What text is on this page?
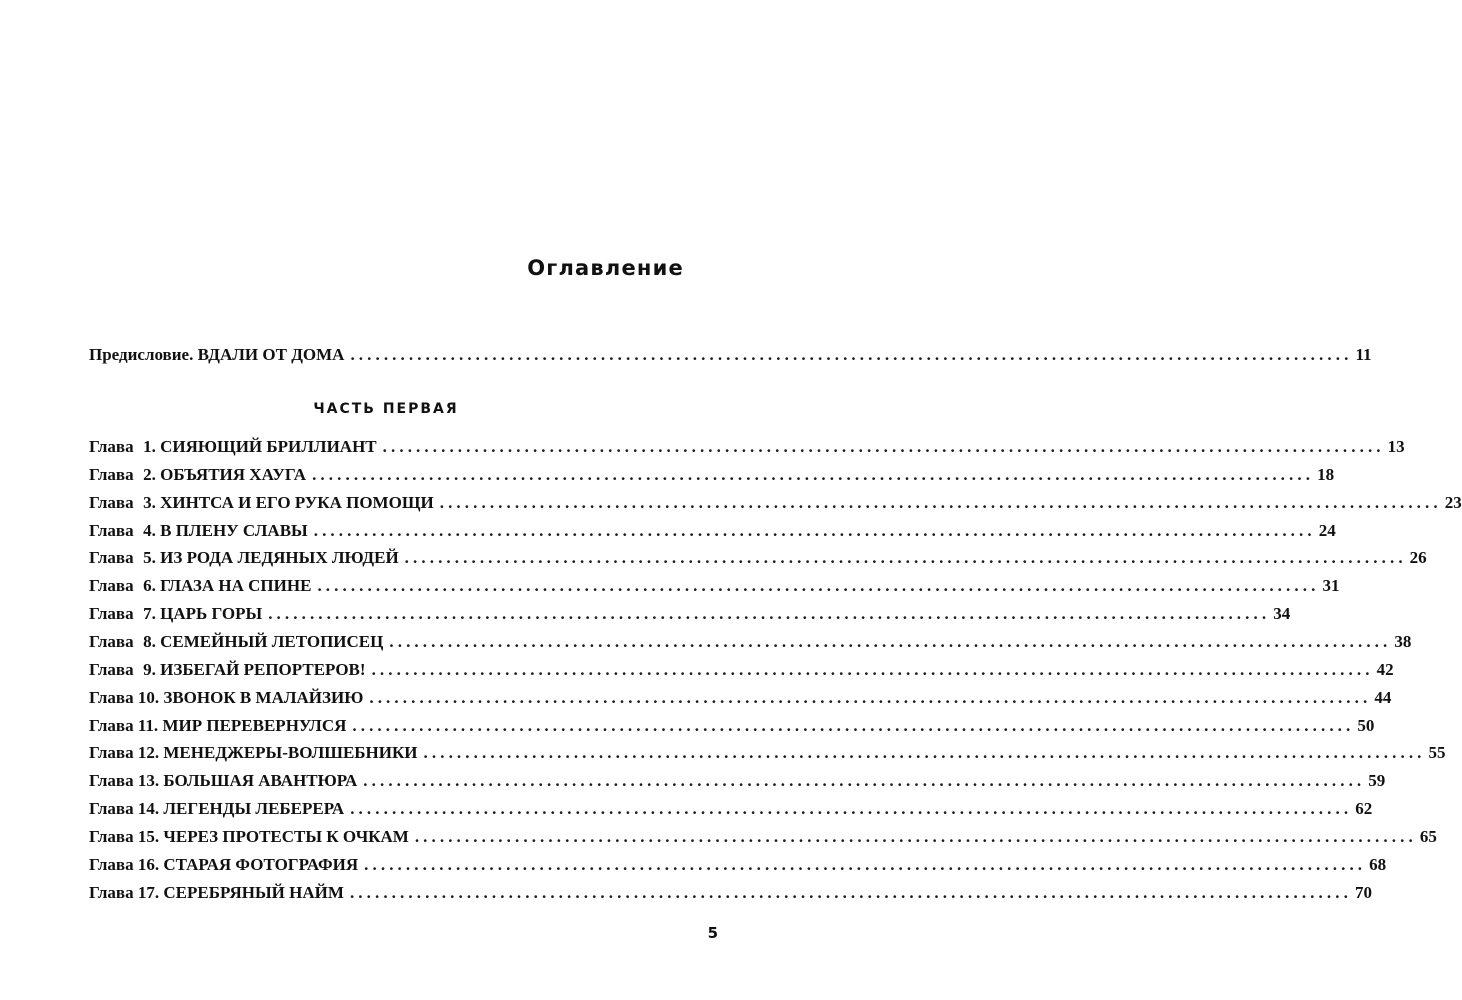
Оглавление
Предисловие. ВДАЛИ ОТ ДОМА ........................................................................................................................ 11
ЧАСТЬ ПЕРВАЯ
Глава 1. СИЯЮЩИЙ БРИЛЛИАНТ ........................................................................................................................ 13
Глава 2. ОБЪЯТИЯ ХАУГА ........................................................................................................................ 18
Глава 3. ХИНТСА И ЕГО РУКА ПОМОЩИ ........................................................................................................................ 23
Глава 4. В ПЛЕНУ СЛАВЫ ........................................................................................................................ 24
Глава 5. ИЗ РОДА ЛЕДЯНЫХ ЛЮДЕЙ ........................................................................................................................ 26
Глава 6. ГЛАЗА НА СПИНЕ ........................................................................................................................ 31
Глава 7. ЦАРЬ ГОРЫ ........................................................................................................................ 34
Глава 8. СЕМЕЙНЫЙ ЛЕТОПИСЕЦ ........................................................................................................................ 38
Глава 9. ИЗБЕГАЙ РЕПОРТЕРОВ! ........................................................................................................................ 42
Глава 10. ЗВОНОК В МАЛАЙЗИЮ ........................................................................................................................ 44
Глава 11. МИР ПЕРЕВЕРНУЛСЯ ........................................................................................................................ 50
Глава 12. МЕНЕДЖЕРЫ-ВОЛШЕБНИКИ ........................................................................................................................ 55
Глава 13. БОЛЬШАЯ АВАНТЮРА ........................................................................................................................ 59
Глава 14. ЛЕГЕНДЫ ЛЕБЕРЕРА ........................................................................................................................ 62
Глава 15. ЧЕРЕЗ ПРОТЕСТЫ К ОЧКАМ ........................................................................................................................ 65
Глава 16. СТАРАЯ ФОТОГРАФИЯ ........................................................................................................................ 68
Глава 17. СЕРЕБРЯНЫЙ НАЙМ ........................................................................................................................ 70
5
